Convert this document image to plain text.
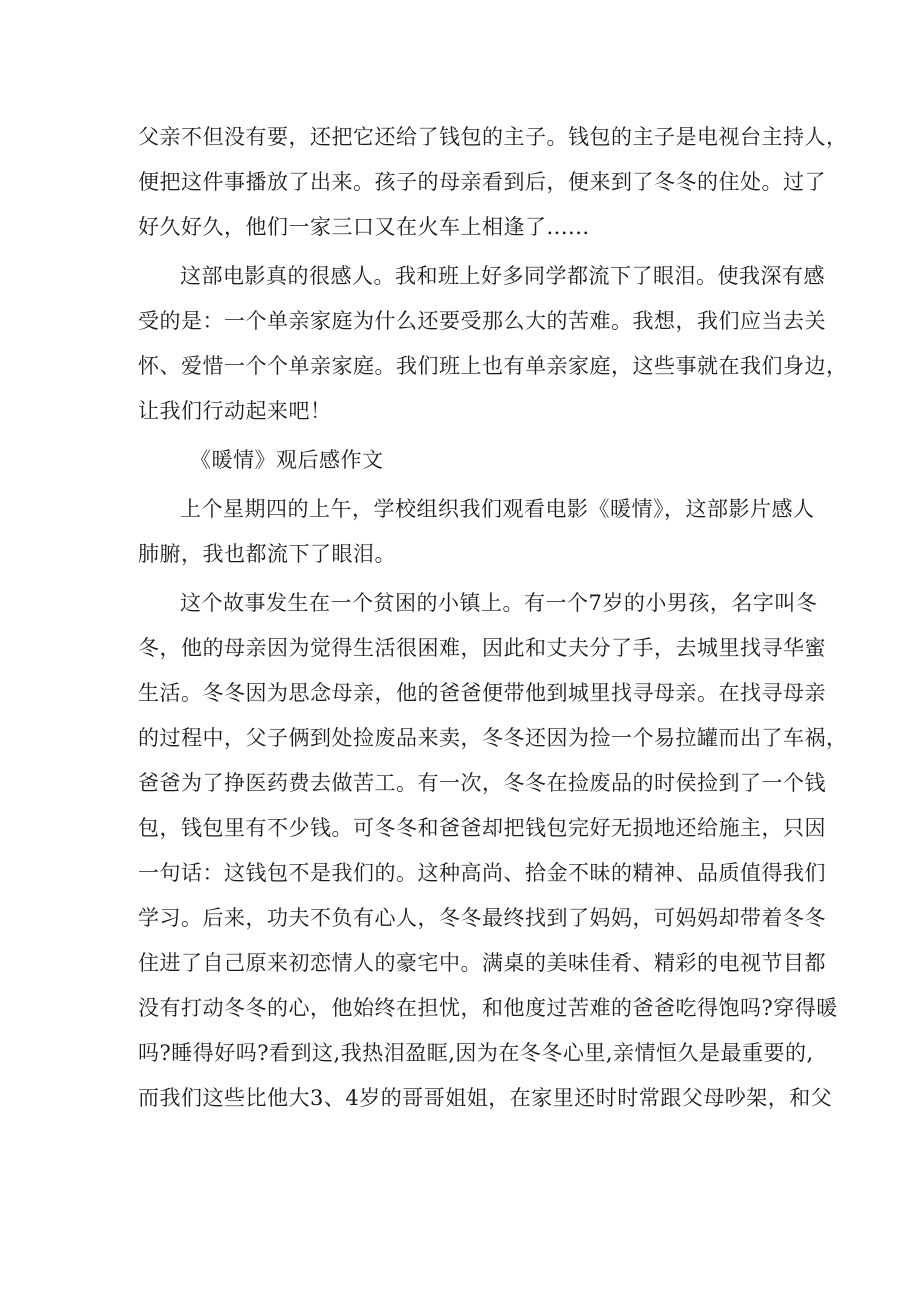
父亲不但没有要，还把它还给了钱包的主子。钱包的主子是电视台主持人，
便把这件事播放了出来。孩子的母亲看到后，便来到了冬冬的住处。过了
好久好久，他们一家三口又在火车上相逢了......
这部电影真的很感人。我和班上好多同学都流下了眼泪。使我深有感
受的是：一个单亲家庭为什么还要受那么大的苦难。我想，我们应当去关
怀、爱惜一个个单亲家庭。我们班上也有单亲家庭，这些事就在我们身边，
让我们行动起来吧！
《暖情》观后感作文
上个星期四的上午，学校组织我们观看电影《暖情》，这部影片感人
肺腑，我也都流下了眼泪。
这个故事发生在一个贫困的小镇上。有一个7岁的小男孩，名字叫冬
冬，他的母亲因为觉得生活很困难，因此和丈夫分了手，去城里找寻华蜜
生活。冬冬因为思念母亲，他的爸爸便带他到城里找寻母亲。在找寻母亲
的过程中，父子俩到处捡废品来卖，冬冬还因为捡一个易拉罐而出了车祸，
爸爸为了挣医药费去做苦工。有一次，冬冬在捡废品的时侯捡到了一个钱
包，钱包里有不少钱。可冬冬和爸爸却把钱包完好无损地还给施主，只因
一句话：这钱包不是我们的。这种高尚、拾金不昧的精神、品质值得我们
学习。后来，功夫不负有心人，冬冬最终找到了妈妈，可妈妈却带着冬冬
住进了自己原来初恋情人的豪宅中。满桌的美味佳肴、精彩的电视节目都
没有打动冬冬的心，他始终在担忧，和他度过苦难的爸爸吃得饱吗?穿得暖
吗?睡得好吗?看到这,我热泪盈眶,因为在冬冬心里,亲情恒久是最重要的,
而我们这些比他大3、4岁的哥哥姐姐，在家里还时时常跟父母吵架，和父
